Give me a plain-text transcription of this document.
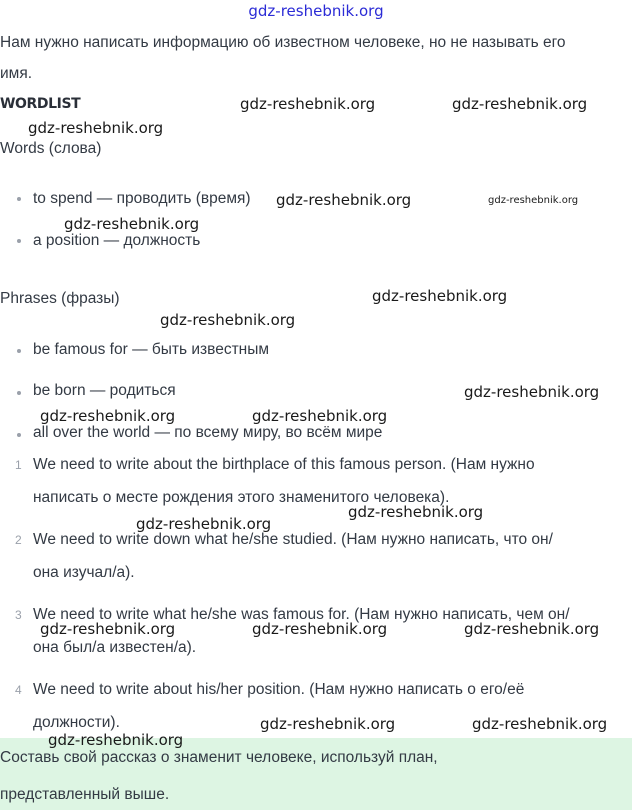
gdz-reshebnik.org
Нам нужно написать информацию об известном человеке, но не называть его
имя.
WORDLIST
Words (слова)
to spend — проводить (время)
a position — должность
Phrases (фразы)
be famous for — быть известным
be born — родиться
all over the world — по всему миру, во всём мире
1 We need to write about the birthplace of this famous person. (Нам нужно
написать о месте рождения этого знаменитого человека).
2 We need to write down what he/she studied. (Нам нужно написать, что он/
она изучал/а).
3 We need to write what he/she was famous for. (Нам нужно написать, чем он/
она был/а известен/а).
4 We need to write about his/her position. (Нам нужно написать о его/её
должности).
Составь свой рассказ о знаменит человеке, используй план,
представленный выше.
gdz-reshebnik.org	gdz-reshebnik.org
gdz-reshebnik.org
gdz-reshebnik.org	gdz-reshebnik.org
gdz-reshebnik.org
gdz-reshebnik.org
gdz-reshebnik.org
gdz-reshebnik.org
gdz-reshebnik.org	gdz-reshebnik.org
gdz-reshebnik.org
gdz-reshebnik.org
gdz-reshebnik.org	gdz-reshebnik.org	gdz-reshebnik.org
gdz-reshebnik.org	gdz-reshebnik.org
gdz-reshebnik.org
